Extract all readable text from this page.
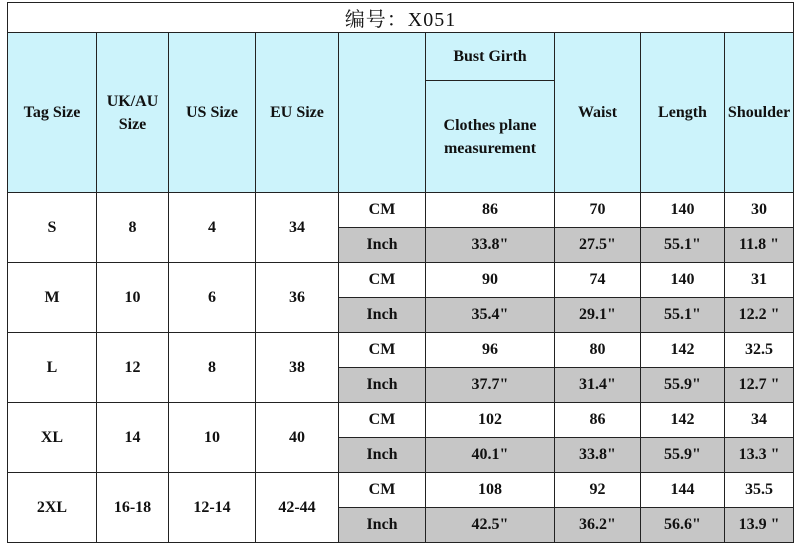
编号：X051								
Tag Size	UK/AU Size	US Size	EU Size		Bust Girth	Waist	Length	Shoulder
					Clothes plane measurement			
S	8	4	34	CM	86	70	140	30
				Inch	33.8"	27.5"	55.1"	11.8 "
M	10	6	36	CM	90	74	140	31
				Inch	35.4"	29.1"	55.1"	12.2 "
L	12	8	38	CM	96	80	142	32.5
				Inch	37.7"	31.4"	55.9"	12.7 "
XL	14	10	40	CM	102	86	142	34
				Inch	40.1"	33.8"	55.9"	13.3 "
2XL	16-18	12-14	42-44	CM	108	92	144	35.5
				Inch	42.5"	36.2"	56.6"	13.9 "
